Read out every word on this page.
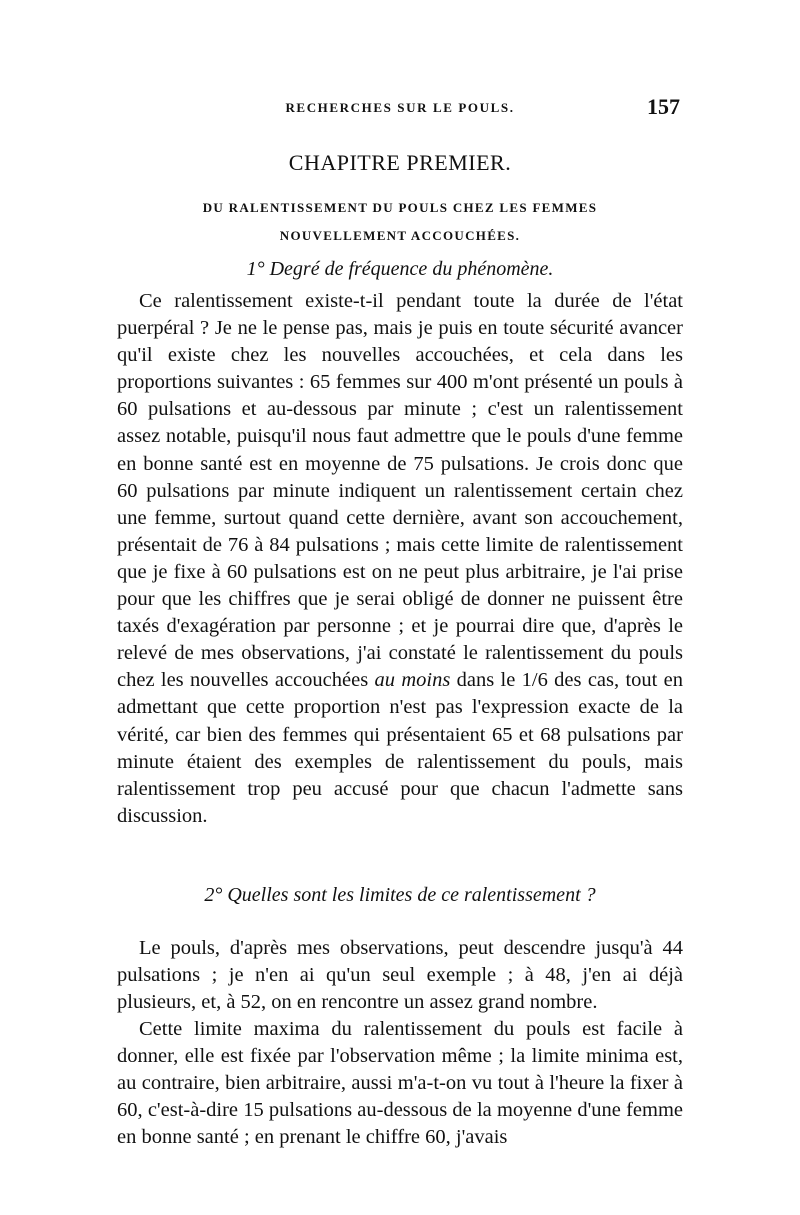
RECHERCHES SUR LE POULS.	157
CHAPITRE PREMIER.
DU RALENTISSEMENT DU POULS CHEZ LES FEMMES
NOUVELLEMENT ACCOUCHÉES.
1° Degré de fréquence du phénomène.

Ce ralentissement existe-t-il pendant toute la durée de l'état puerpéral ? Je ne le pense pas, mais je puis en toute sécurité avancer qu'il existe chez les nouvelles accouchées, et cela dans les proportions suivantes : 65 femmes sur 400 m'ont présenté un pouls à 60 pulsations et au-dessous par minute ; c'est un ralentissement assez notable, puisqu'il nous faut admettre que le pouls d'une femme en bonne santé est en moyenne de 75 pulsations. Je crois donc que 60 pulsations par minute indiquent un ralentissement certain chez une femme, surtout quand cette dernière, avant son accouchement, présentait de 76 à 84 pulsations ; mais cette limite de ralentissement que je fixe à 60 pulsations est on ne peut plus arbitraire, je l'ai prise pour que les chiffres que je serai obligé de donner ne puissent être taxés d'exagération par personne ; et je pourrai dire que, d'après le relevé de mes observations, j'ai constaté le ralentissement du pouls chez les nouvelles accouchées au moins dans le 1/6 des cas, tout en admettant que cette proportion n'est pas l'expression exacte de la vérité, car bien des femmes qui présentaient 65 et 68 pulsations par minute étaient des exemples de ralentissement du pouls, mais ralentissement trop peu accusé pour que chacun l'admette sans discussion.

2° Quelles sont les limites de ce ralentissement ?

Le pouls, d'après mes observations, peut descendre jusqu'à 44 pulsations ; je n'en ai qu'un seul exemple ; à 48, j'en ai déjà plusieurs, et, à 52, on en rencontre un assez grand nombre.

Cette limite maxima du ralentissement du pouls est facile à donner, elle est fixée par l'observation même ; la limite minima est, au contraire, bien arbitraire, aussi m'a-t-on vu tout à l'heure la fixer à 60, c'est-à-dire 15 pulsations au-dessous de la moyenne d'une femme en bonne santé ; en prenant le chiffre 60, j'avais
